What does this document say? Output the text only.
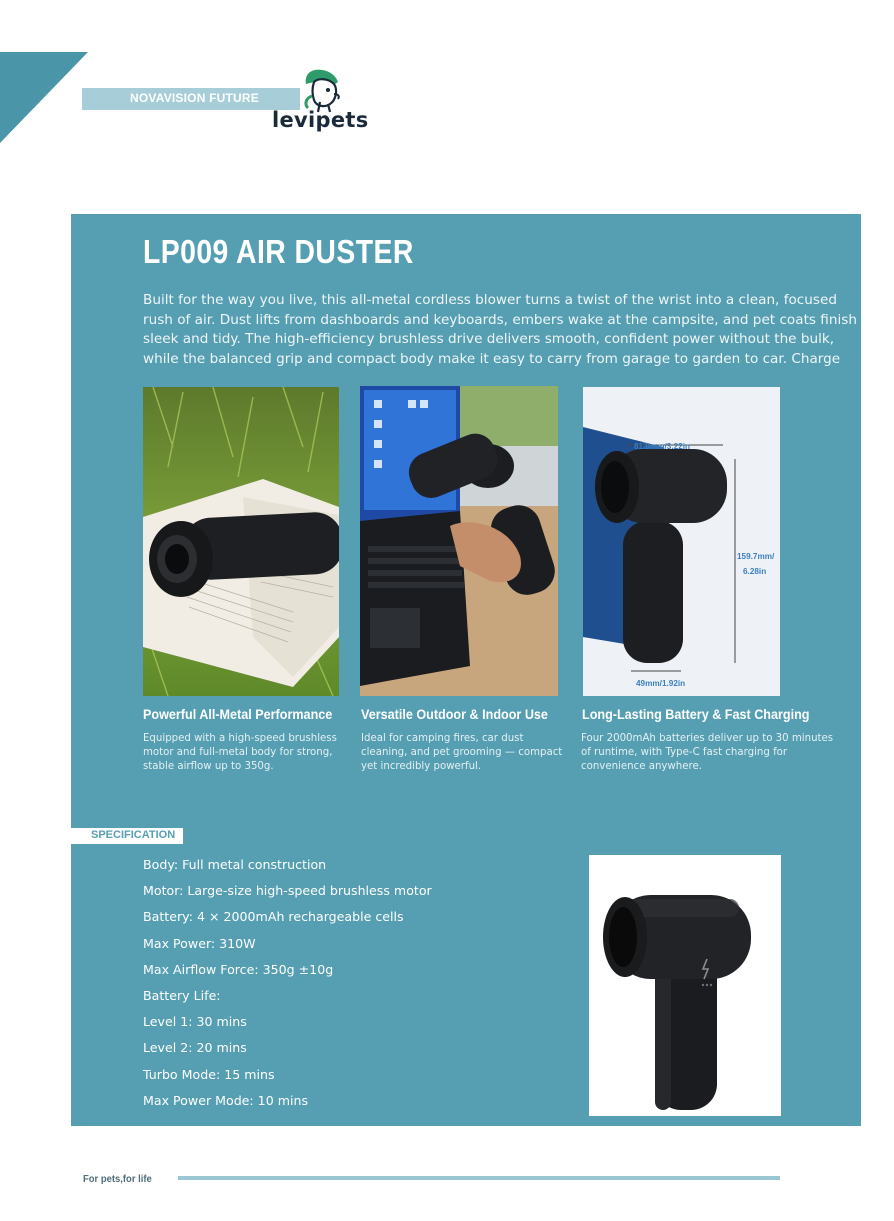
NOVAVISION FUTURE
levipets
LP009 AIR DUSTER

Built for the way you live, this all-metal cordless blower turns a twist of the wrist into a clean, focused rush of air. Dust lifts from dashboards and keyboards, embers wake at the campsite, and pet coats finish sleek and tidy. The high-efficiency brushless drive delivers smooth, confident power without the bulk, while the balanced grip and compact body make it easy to carry from garage to garden to car. Charge

81.9mm/3.22in
159.7mm/
6.28in
49mm/1.92in
Powerful All-Metal Performance

Equipped with a high-speed brushless motor and full-metal body for strong, stable airflow up to 350g.

Versatile Outdoor & Indoor Use

Ideal for camping fires, car dust cleaning, and pet grooming — compact yet incredibly powerful.

Long-Lasting Battery & Fast Charging

Four 2000mAh batteries deliver up to 30 minutes of runtime, with Type-C fast charging for convenience anywhere.

SPECIFICATION
Body: Full metal construction
Motor: Large-size high-speed brushless motor
Battery: 4 × 2000mAh rechargeable cells
Max Power: 310W
Max Airflow Force: 350g ±10g
Battery Life:
Level 1: 30 mins
Level 2: 20 mins
Turbo Mode: 15 mins
Max Power Mode: 10 mins
For pets,for life
